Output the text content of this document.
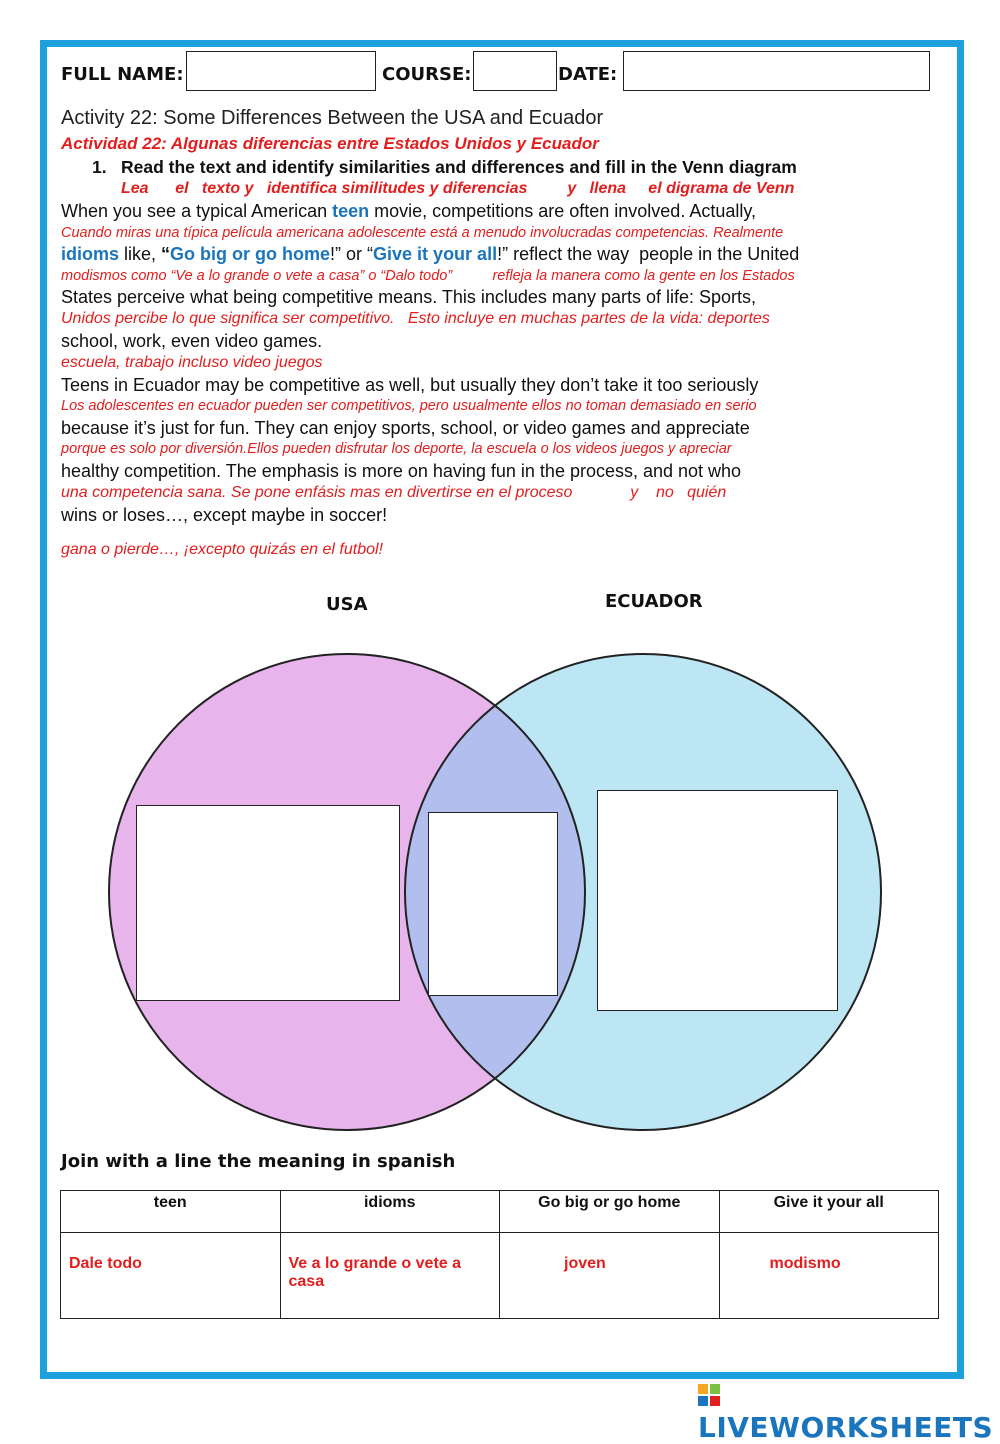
FULL NAME:	COURSE:	DATE:
Activity 22: Some Differences Between the USA and Ecuador
Actividad 22: Algunas diferencias entre Estados Unidos y Ecuador
1. Read the text and identify similarities and differences and fill in the Venn diagram
Lea      el   texto y   identifica similitudes y diferencias         y   llena     el digrama de Venn
When you see a typical American teen movie, competitions are often involved. Actually,
Cuando miras una típica película americana adolescente está a menudo involucradas competencias. Realmente
idioms like, “Go big or go home!” or “Give it your all!” reflect the way  people in the United
modismos como “Ve a lo grande o vete a casa” o “Dalo todo”          refleja la manera como la gente en los Estados
States perceive what being competitive means. This includes many parts of life: Sports,
Unidos percibe lo que significa ser competitivo.   Esto incluye en muchas partes de la vida: deportes
school, work, even video games.
escuela, trabajo incluso video juegos
Teens in Ecuador may be competitive as well, but usually they don’t take it too seriously
Los adolescentes en ecuador pueden ser competitivos, pero usualmente ellos no toman demasiado en serio
because it’s just for fun. They can enjoy sports, school, or video games and appreciate
porque es solo por diversión.Ellos pueden disfrutar los deporte, la escuela o los videos juegos y apreciar
healthy competition. The emphasis is more on having fun in the process, and not who
una competencia sana. Se pone enfásis mas en divertirse en el proceso             y    no   quién
wins or loses…, except maybe in soccer!
gana o pierde…, ¡excepto quizás en el futbol!
USA	ECUADOR
Join with a line the meaning in spanish
teen	idioms	Go big or go home	Give it your all
Dale todo	Ve a lo grande o vete a casa	joven	modismo
LIVEWORKSHEETS
